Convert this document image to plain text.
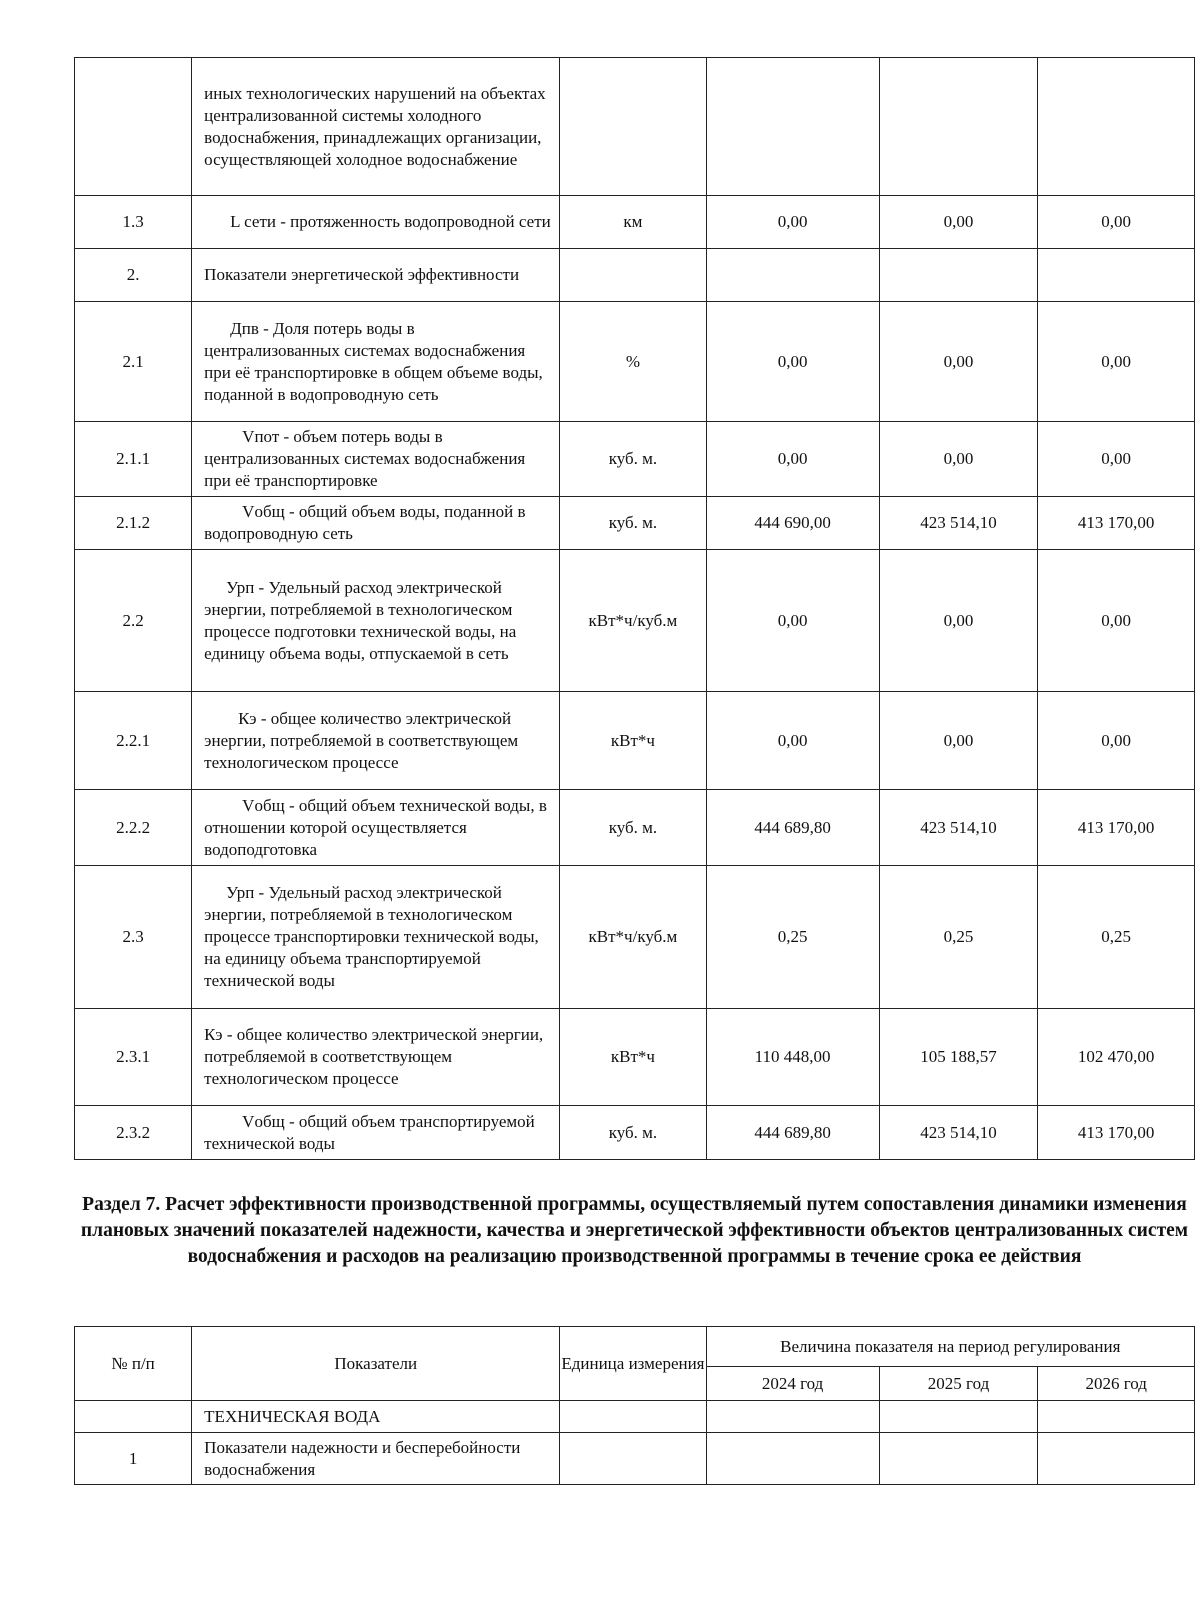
	иных технологических нарушений на объектах централизованной системы холодного водоснабжения, принадлежащих организации, осуществляющей холодное водоснабжение				
1.3	L сети - протяженность водопроводной сети	км	0,00	0,00	0,00
2.	Показатели энергетической эффективности				
2.1	Дпв - Доля потерь воды в централизованных системах водоснабжения при её транспортировке в общем объеме воды, поданной в водопроводную сеть	%	0,00	0,00	0,00
2.1.1	Vпот - объем потерь воды в централизованных системах водоснабжения при её транспортировке	куб. м.	0,00	0,00	0,00
2.1.2	Vобщ - общий объем воды, поданной в водопроводную сеть	куб. м.	444 690,00	423 514,10	413 170,00
2.2	Урп - Удельный расход электрической энергии, потребляемой в технологическом процессе подготовки технической воды, на единицу объема воды, отпускаемой в сеть	кВт*ч/куб.м	0,00	0,00	0,00
2.2.1	Кэ - общее количество электрической энергии, потребляемой в соответствующем технологическом процессе	кВт*ч	0,00	0,00	0,00
2.2.2	Vобщ - общий объем технической воды, в отношении которой осуществляется водоподготовка	куб. м.	444 689,80	423 514,10	413 170,00
2.3	Урп - Удельный расход электрической энергии, потребляемой в технологическом процессе транспортировки технической воды, на единицу объема транспортируемой технической воды	кВт*ч/куб.м	0,25	0,25	0,25
2.3.1	Кэ - общее количество электрической энергии, потребляемой в соответствующем технологическом процессе	кВт*ч	110 448,00	105 188,57	102 470,00
2.3.2	Vобщ - общий объем транспортируемой технической воды	куб. м.	444 689,80	423 514,10	413 170,00
Раздел 7. Расчет эффективности производственной программы, осуществляемый путем сопоставления динамики изменения плановых значений показателей надежности, качества и энергетической эффективности объектов централизованных систем водоснабжения и расходов на реализацию производственной программы в течение срока ее действия
№ п/п	Показатели	Единица измерения	Величина показателя на период регулирования		
			2024 год	2025 год	2026 год
	ТЕХНИЧЕСКАЯ ВОДА				
1	Показатели надежности и бесперебойности водоснабжения				
